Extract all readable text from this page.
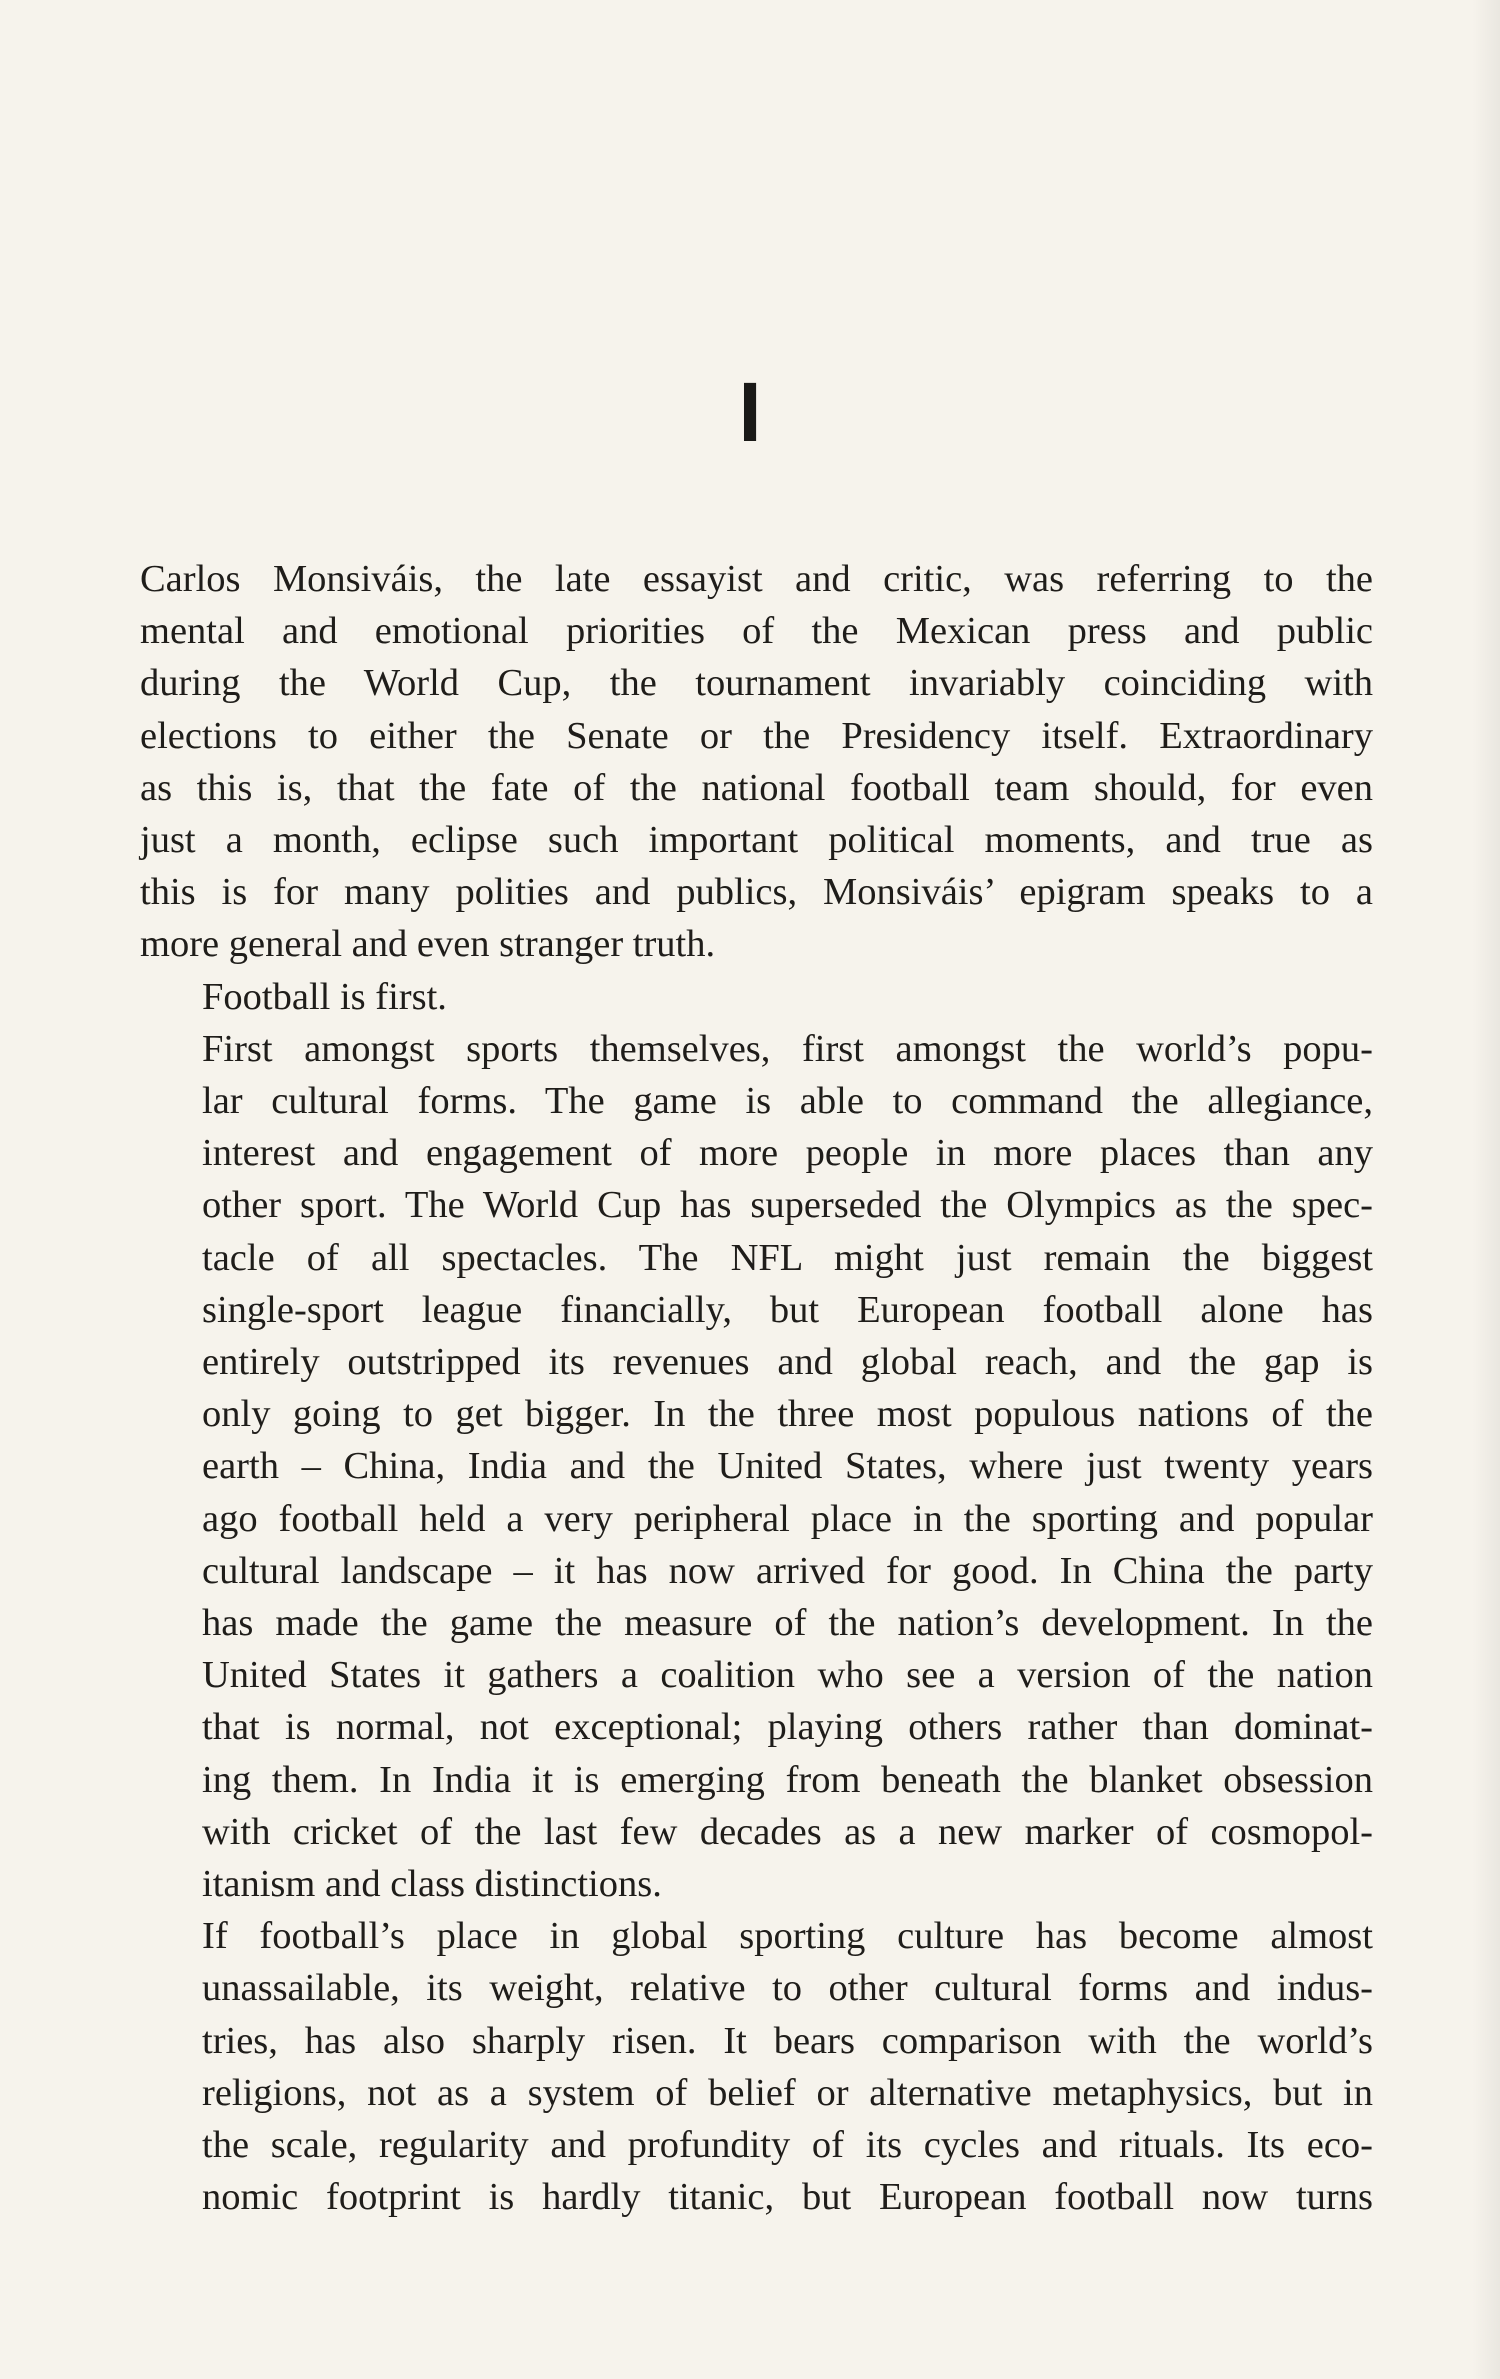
I

Carlos Monsiváis, the late essayist and critic, was referring to the
mental and emotional priorities of the Mexican press and public
during the World Cup, the tournament invariably coinciding with
elections to either the Senate or the Presidency itself. Extraordinary
as this is, that the fate of the national football team should, for even
just a month, eclipse such important political moments, and true as
this is for many polities and publics, Monsiváis’ epigram speaks to a
more general and even stranger truth.

Football is first.

First amongst sports themselves, first amongst the world’s popu-
lar cultural forms. The game is able to command the allegiance,
interest and engagement of more people in more places than any
other sport. The World Cup has superseded the Olympics as the spec-
tacle of all spectacles. The NFL might just remain the biggest
single-sport league financially, but European football alone has
entirely outstripped its revenues and global reach, and the gap is
only going to get bigger. In the three most populous nations of the
earth – China, India and the United States, where just twenty years
ago football held a very peripheral place in the sporting and popular
cultural landscape – it has now arrived for good. In China the party
has made the game the measure of the nation’s development. In the
United States it gathers a coalition who see a version of the nation
that is normal, not exceptional; playing others rather than dominat-
ing them. In India it is emerging from beneath the blanket obsession
with cricket of the last few decades as a new marker of cosmopol-
itanism and class distinctions.

If football’s place in global sporting culture has become almost
unassailable, its weight, relative to other cultural forms and indus-
tries, has also sharply risen. It bears comparison with the world’s
religions, not as a system of belief or alternative metaphysics, but in
the scale, regularity and profundity of its cycles and rituals. Its eco-
nomic footprint is hardly titanic, but European football now turns
